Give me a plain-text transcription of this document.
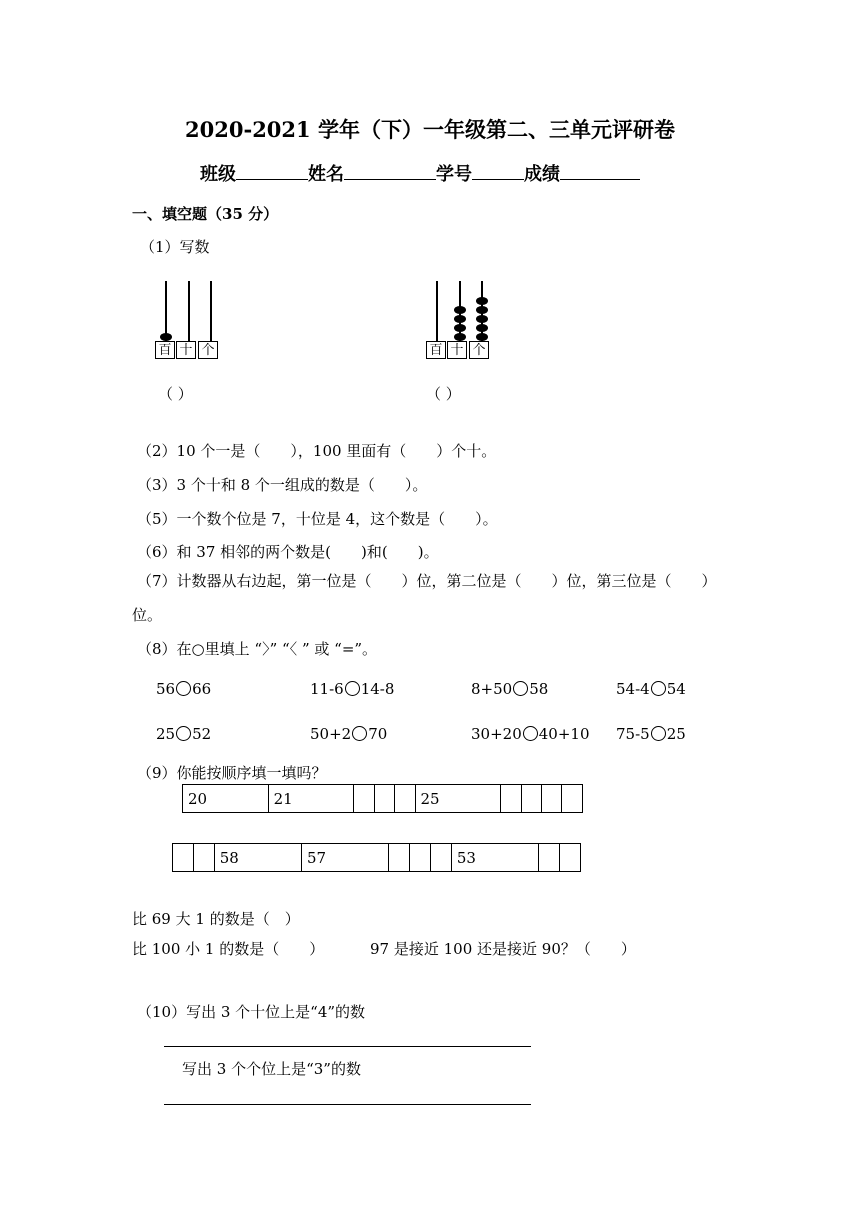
2020-2021 学年（下）一年级第二、三单元评研卷
班级	姓名	学号	成绩
一、填空题（35 分）
（1）写数
百 十 个
（ ）
百 十 个
（ ）
（2）10 个一是（　　），100 里面有（　　）个十。
（3）3 个十和 8 个一组成的数是（　　）。
（5）一个数个位是 7，十位是 4，这个数是（　　）。
（6）和 37 相邻的两个数是(　　)和(　　)。
（7）计数器从右边起，第一位是（　　）位，第二位是（　　）位，第三位是（　　）
位。
（8）在○里填上 “〉” “〈 ” 或 “=”。
56 66	11-6 14-8	8+50 58	54-4 54
25 52	50+2 70	30+20 40+10 75-5 25
（9）你能按顺序填一填吗？
20	21				25				
		58	57				53		
比 69 大 1 的数是（　）
比 100 小 1 的数是（　　）	97 是接近 100 还是接近 90？（　　）
（10）写出 3 个十位上是“4”的数
写出 3 个个位上是“3”的数
